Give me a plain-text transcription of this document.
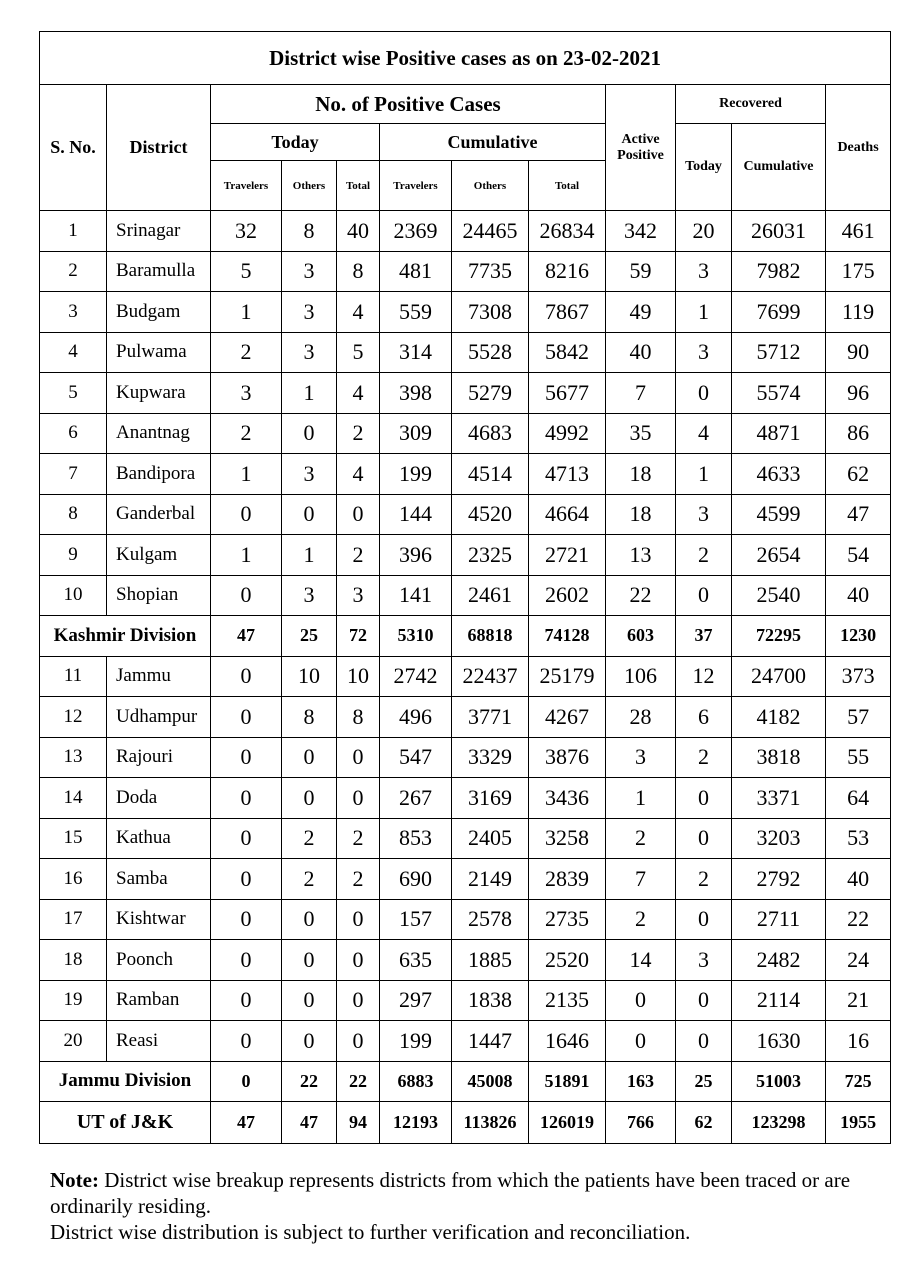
District wise Positive cases as on 23-02-2021											
S. No.	District	No. of Positive Cases						Active Positive	Recovered		Deaths
		Today			Cumulative				Today	Cumulative	
		Travelers	Others	Total	Travelers	Others	Total				
1	Srinagar	32	8	40	2369	24465	26834	342	20	26031	461
2	Baramulla	5	3	8	481	7735	8216	59	3	7982	175
3	Budgam	1	3	4	559	7308	7867	49	1	7699	119
4	Pulwama	2	3	5	314	5528	5842	40	3	5712	90
5	Kupwara	3	1	4	398	5279	5677	7	0	5574	96
6	Anantnag	2	0	2	309	4683	4992	35	4	4871	86
7	Bandipora	1	3	4	199	4514	4713	18	1	4633	62
8	Ganderbal	0	0	0	144	4520	4664	18	3	4599	47
9	Kulgam	1	1	2	396	2325	2721	13	2	2654	54
10	Shopian	0	3	3	141	2461	2602	22	0	2540	40
Kashmir Division		47	25	72	5310	68818	74128	603	37	72295	1230
11	Jammu	0	10	10	2742	22437	25179	106	12	24700	373
12	Udhampur	0	8	8	496	3771	4267	28	6	4182	57
13	Rajouri	0	0	0	547	3329	3876	3	2	3818	55
14	Doda	0	0	0	267	3169	3436	1	0	3371	64
15	Kathua	0	2	2	853	2405	3258	2	0	3203	53
16	Samba	0	2	2	690	2149	2839	7	2	2792	40
17	Kishtwar	0	0	0	157	2578	2735	2	0	2711	22
18	Poonch	0	0	0	635	1885	2520	14	3	2482	24
19	Ramban	0	0	0	297	1838	2135	0	0	2114	21
20	Reasi	0	0	0	199	1447	1646	0	0	1630	16
Jammu Division		0	22	22	6883	45008	51891	163	25	51003	725
UT of J&K		47	47	94	12193	113826	126019	766	62	123298	1955
Note: District wise breakup represents districts from which the patients have been traced or are ordinarily residing.
District wise distribution is subject to further verification and reconciliation.
